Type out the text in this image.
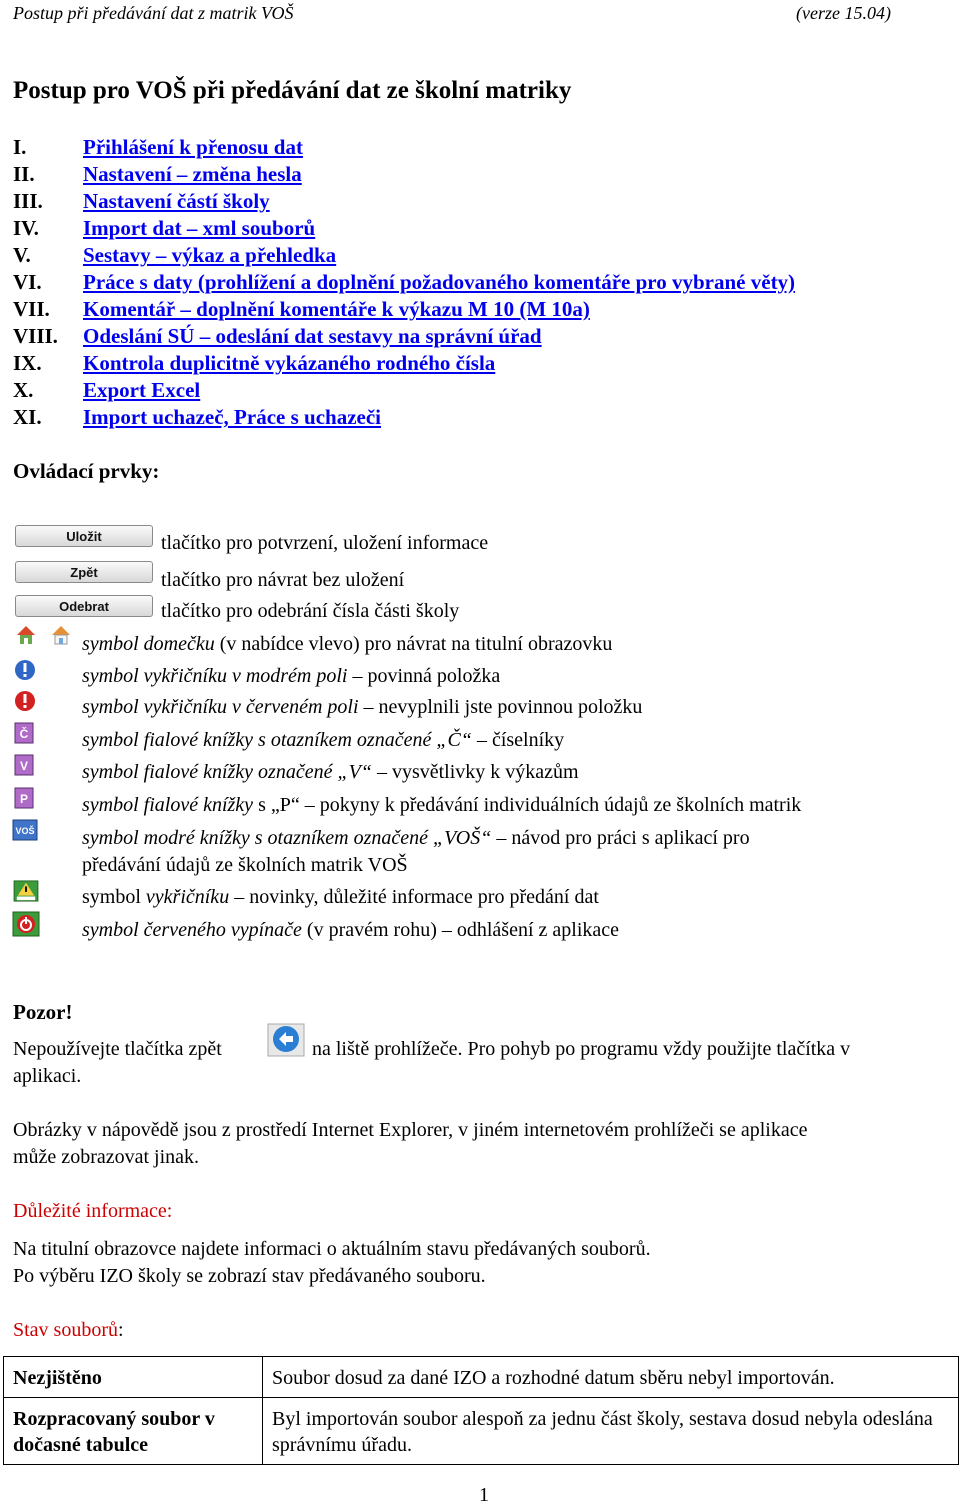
Postup při předávání dat z matrik VOŠ	(verze 15.04)
Postup pro VOŠ při předávání dat ze školní matriky
I.	Přihlášení k přenosu dat
II. Nastavení – změna hesla
III. Nastavení částí školy
IV. Import dat – xml souborů
V. Sestavy – výkaz a přehledka
VI. Práce s daty (prohlížení a doplnění požadovaného komentáře pro vybrané věty)
VII. Komentář – doplnění komentáře k výkazu M 10 (M 10a)
VIII. Odeslání SÚ – odeslání dat sestavy na správní úřad
IX. Kontrola duplicitně vykázaného rodného čísla
X. Export Excel
XI. Import uchazeč, Práce s uchazeči
Ovládací prvky:
Uložit	tlačítko pro potvrzení, uložení informace
Zpět	tlačítko pro návrat bez uložení
Odebrat	tlačítko pro odebrání čísla části školy
symbol domečku (v nabídce vlevo) pro návrat na titulní obrazovku
symbol vykřičníku v modrém poli – povinná položka
symbol vykřičníku v červeném poli – nevyplnili jste povinnou položku
Č	symbol fialové knížky s otazníkem označené „Č“ – číselníky
V	symbol fialové knížky označené „V“ – vysvětlivky k výkazům
P	symbol fialové knížky s „P“ – pokyny k předávání individuálních údajů ze školních matrik
VOŠ symbol modré knížky s otazníkem označené „VOŠ“ – návod pro práci s aplikací pro
předávání údajů ze školních matrik VOŠ
symbol vykřičníku – novinky, důležité informace pro předání dat
symbol červeného vypínače (v pravém rohu) – odhlášení z aplikace
Pozor!
Nepoužívejte tlačítka zpět	na liště prohlížeče. Pro pohyb po programu vždy použijte tlačítka v
aplikaci.
Obrázky v nápovědě jsou z prostředí Internet Explorer, v jiném internetovém prohlížeči se aplikace
může zobrazovat jinak.
Důležité informace:
Na titulní obrazovce najdete informaci o aktuálním stavu předávaných souborů.
Po výběru IZO školy se zobrazí stav předávaného souboru.
Stav souborů:
Nezjištěno	Soubor dosud za dané IZO a rozhodné datum sběru nebyl importován.
Rozpracovaný soubor v dočasné tabulce	Byl importován soubor alespoň za jednu část školy, sestava dosud nebyla odeslána správnímu úřadu.
1
